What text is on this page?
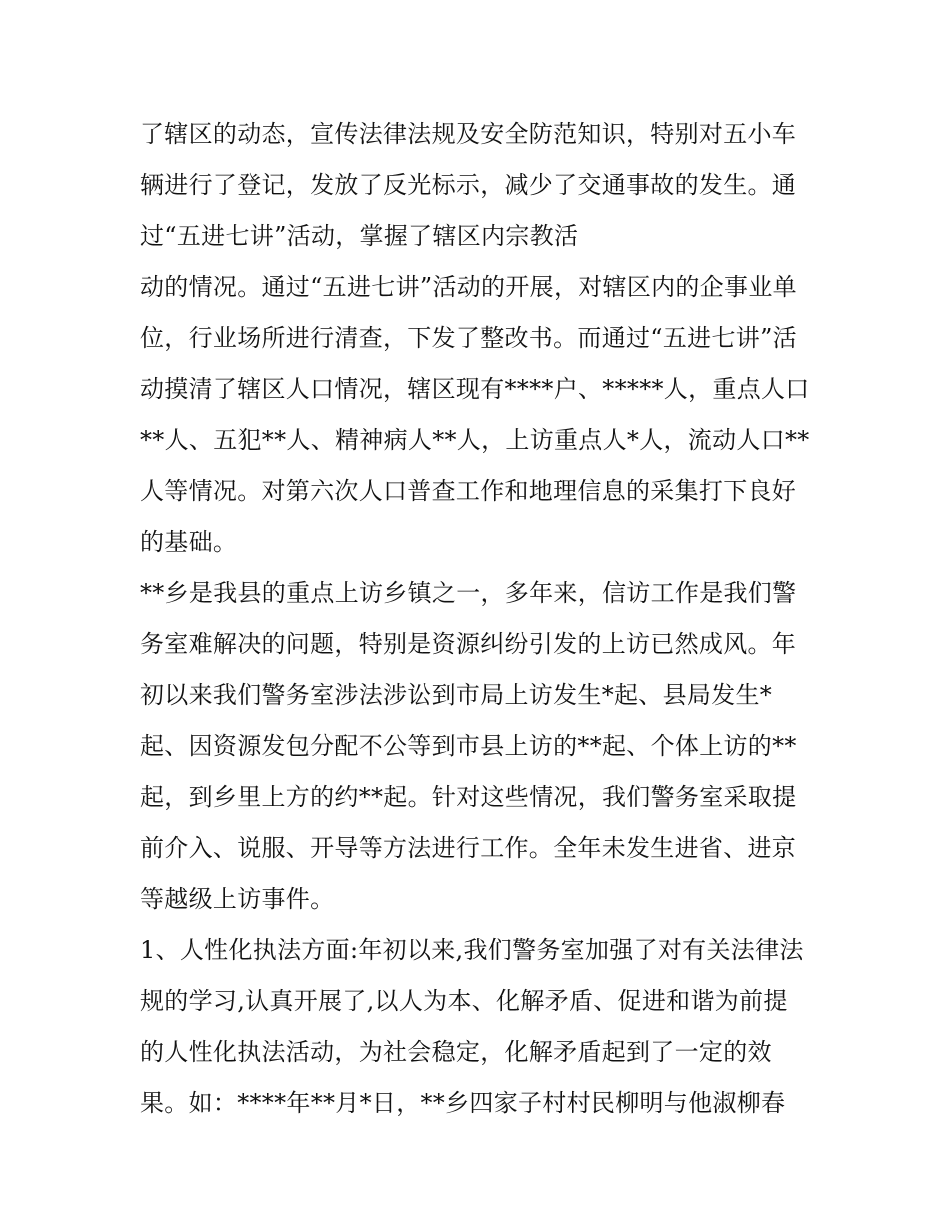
了辖区的动态，宣传法律法规及安全防范知识，特别对五小车
辆进行了登记，发放了反光标示，减少了交通事故的发生。通
过“五进七讲”活动，掌握了辖区内宗教活
动的情况。通过“五进七讲”活动的开展，对辖区内的企事业单
位，行业场所进行清查，下发了整改书。而通过“五进七讲”活
动摸清了辖区人口情况，辖区现有****户、*****人，重点人口
**人、五犯**人、精神病人**人，上访重点人*人，流动人口**
人等情况。对第六次人口普查工作和地理信息的采集打下良好
的基础。
**乡是我县的重点上访乡镇之一，多年来，信访工作是我们警
务室难解决的问题，特别是资源纠纷引发的上访已然成风。年
初以来我们警务室涉法涉讼到市局上访发生*起、县局发生*
起、因资源发包分配不公等到市县上访的**起、个体上访的**
起，到乡里上方的约**起。针对这些情况，我们警务室采取提
前介入、说服、开导等方法进行工作。全年未发生进省、进京
等越级上访事件。
1、人性化执法方面:年初以来,我们警务室加强了对有关法律法
规的学习,认真开展了,以人为本、化解矛盾、促进和谐为前提
的人性化执法活动，为社会稳定，化解矛盾起到了一定的效
果。如：****年**月*日，**乡四家子村村民柳明与他淑柳春
